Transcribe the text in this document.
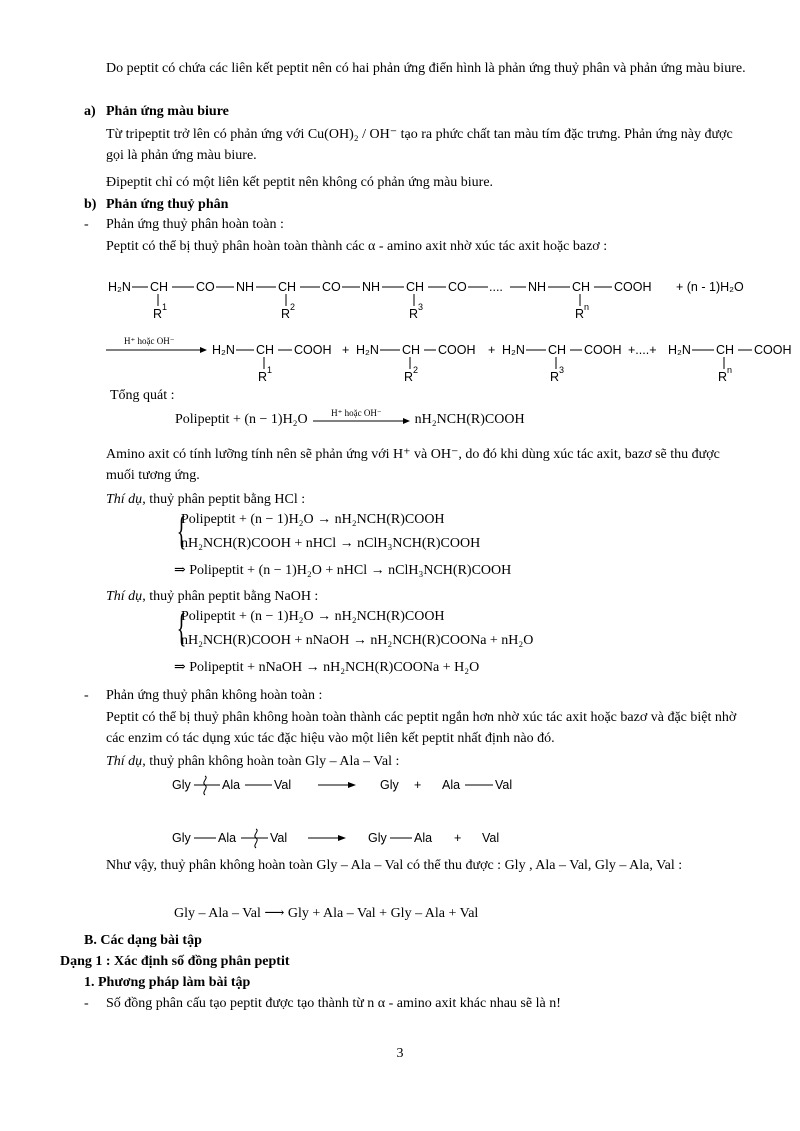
Do peptit có chứa các liên kết peptit nên có hai phản ứng điển hình là phản ứng thuỷ phân và phản ứng màu biure.
a) Phản ứng màu biure
Từ tripeptit trở lên có phản ứng với Cu(OH)₂ / OH⁻ tạo ra phức chất tan màu tím đặc trưng. Phản ứng này được gọi là phản ứng màu biure.
Đipeptit chỉ có một liên kết peptit nên không có phản ứng màu biure.
b) Phản ứng thuỷ phân
- Phản ứng thuỷ phân hoàn toàn :
Peptit có thể bị thuỷ phân hoàn toàn thành các α - amino axit nhờ xúc tác axit hoặc bazơ :
H₂N CH CO NH CH CO NH CH CO .... NH CH COOH + (n - 1)H₂O
R 1	R 2	R 3	R n
H⁺ hoặc OH⁻
H₂N CH COOH + H₂N CH COOH + H₂N CH COOH +....+ H₂N CH COOH
R 1	R 2	R 3	R n
Tổng quát :
Polipeptit + (n − 1)H₂O	H⁺ hoặc OH⁻ nH₂NCH(R)COOH
Amino axit có tính lưỡng tính nên sẽ phản ứng với H⁺ và OH⁻, do đó khi dùng xúc tác axit, bazơ sẽ thu được muối tương ứng.
Thí dụ, thuỷ phân peptit bằng HCl :
{
Polipeptit + (n − 1)H₂O → nH₂NCH(R)COOH
nH₂NCH(R)COOH + nHCl → nClH₃NCH(R)COOH
⇒ Polipeptit + (n − 1)H₂O + nHCl → nClH₃NCH(R)COOH
Thí dụ, thuỷ phân peptit bằng NaOH :
{
Polipeptit + (n − 1)H₂O → nH₂NCH(R)COOH
nH₂NCH(R)COOH + nNaOH → nH₂NCH(R)COONa + nH₂O
⇒ Polipeptit + nNaOH → nH₂NCH(R)COONa + H₂O
- Phản ứng thuỷ phân không hoàn toàn :
Peptit có thể bị thuỷ phân không hoàn toàn thành các peptit ngắn hơn nhờ xúc tác axit hoặc bazơ và đặc biệt nhờ các enzim có tác dụng xúc tác đặc hiệu vào một liên kết peptit nhất định nào đó.
Thí dụ, thuỷ phân không hoàn toàn Gly – Ala – Val :
Gly	Ala	Val	Gly + Ala	Val
Gly Ala	Val	Gly Ala + Val
Như vậy, thuỷ phân không hoàn toàn Gly – Ala – Val có thể thu được : Gly , Ala – Val, Gly – Ala, Val :
Gly – Ala – Val ⟶ Gly + Ala – Val + Gly – Ala + Val
B. Các dạng bài tập
Dạng 1 : Xác định số đồng phân peptit
1. Phương pháp làm bài tập
- Số đồng phân cấu tạo peptit được tạo thành từ n α - amino axit khác nhau sẽ là n!
3
